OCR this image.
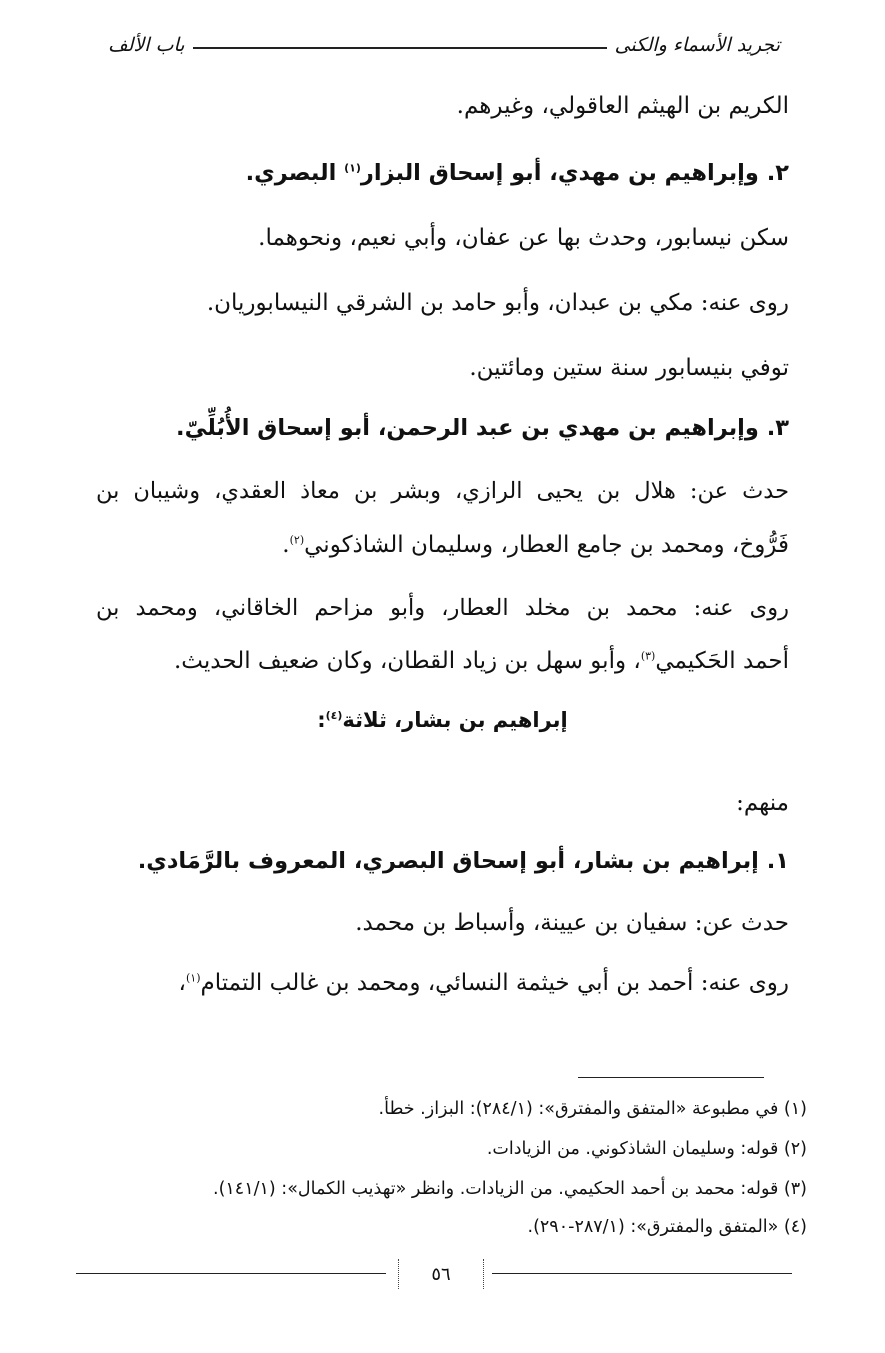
تجريد الأسماء والكنى
باب الألف
الكريم بن الهيثم العاقولي، وغيرهم.
٢. وإبراهيم بن مهدي، أبو إسحاق البزار$^{(١)}$ البصري.
سكن نيسابور، وحدث بها عن عفان، وأبي نعيم، ونحوهما.
روى عنه: مكي بن عبدان، وأبو حامد بن الشرقي النيسابوريان.
توفي بنيسابور سنة ستين ومائتين.
٣. وإبراهيم بن مهدي بن عبد الرحمن، أبو إسحاق الأُبُلِّيّ.
حدث عن: هلال بن يحيى الرازي، وبشر بن معاذ العقدي، وشيبان بن
فَرُّوخ، ومحمد بن جامع العطار، وسليمان الشاذكوني$^{(٢)}$.
روى عنه: محمد بن مخلد العطار، وأبو مزاحم الخاقاني، ومحمد بن
أحمد الحَكيمي$^{(٣)}$، وأبو سهل بن زياد القطان، وكان ضعيف الحديث.
إبراهيم بن بشار، ثلاثة$^{(٤)}$:
منهم:
١. إبراهيم بن بشار، أبو إسحاق البصري، المعروف بالرَّمَادي.
حدث عن: سفيان بن عيينة، وأسباط بن محمد.
روى عنه: أحمد بن أبي خيثمة النسائي، ومحمد بن غالب التمتام$^{(١)}$،
(١) في مطبوعة «المتفق والمفترق»: (٢٨٤/١): البزاز. خطأ.
(٢) قوله: وسليمان الشاذكوني. من الزيادات.
(٣) قوله: محمد بن أحمد الحكيمي. من الزيادات. وانظر «تهذيب الكمال»: (١٤١/١).
(٤) «المتفق والمفترق»: (٢٨٧/١-٢٩٠).
٥٦
